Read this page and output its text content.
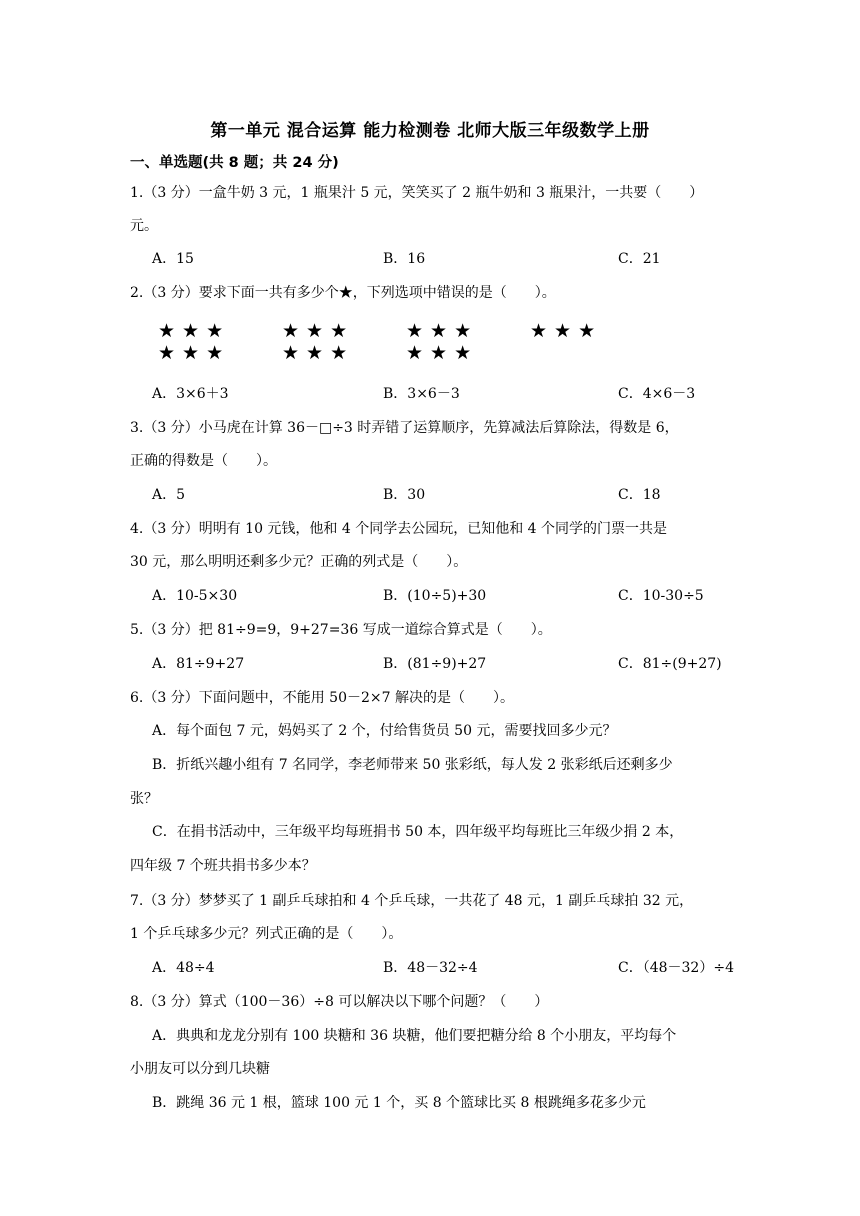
第一单元 混合运算 能力检测卷 北师大版三年级数学上册
一、单选题(共 8 题；共 24 分)
1.（3 分）一盒牛奶 3 元，1 瓶果汁 5 元，笑笑买了 2 瓶牛奶和 3 瓶果汁，一共要（　　）
元。
A．15	B．16	C．21
2.（3 分）要求下面一共有多少个★，下列选项中错误的是（　　）。
★★★
★★★
★★★
★★★
★★★
★★★
★★★
A．3×6＋3	B．3×6－3	C．4×6－3
3.（3 分）小马虎在计算 36－□÷3 时弄错了运算顺序，先算减法后算除法，得数是 6，
正确的得数是（　　）。
A．5	B．30	C．18
4.（3 分）明明有 10 元钱，他和 4 个同学去公园玩，已知他和 4 个同学的门票一共是
30 元，那么明明还剩多少元？正确的列式是（　　）。
A．10-5×30	B．(10÷5)+30	C．10-30÷5
5.（3 分）把 81÷9=9，9+27=36 写成一道综合算式是（　　）。
A．81÷9+27	B．(81÷9)+27	C．81÷(9+27)
6.（3 分）下面问题中，不能用 50－2×7 解决的是（　　）。
A．每个面包 7 元，妈妈买了 2 个，付给售货员 50 元，需要找回多少元？
B．折纸兴趣小组有 7 名同学，李老师带来 50 张彩纸，每人发 2 张彩纸后还剩多少
张？
C．在捐书活动中，三年级平均每班捐书 50 本，四年级平均每班比三年级少捐 2 本，
四年级 7 个班共捐书多少本？
7.（3 分）梦梦买了 1 副乒乓球拍和 4 个乒乓球，一共花了 48 元，1 副乒乓球拍 32 元，
1 个乒乓球多少元？列式正确的是（　　）。
A．48÷4	B．48－32÷4	C．（48－32）÷4
8.（3 分）算式（100－36）÷8 可以解决以下哪个问题？（　　）
A．典典和龙龙分别有 100 块糖和 36 块糖，他们要把糖分给 8 个小朋友，平均每个
小朋友可以分到几块糖
B．跳绳 36 元 1 根，篮球 100 元 1 个，买 8 个篮球比买 8 根跳绳多花多少元
